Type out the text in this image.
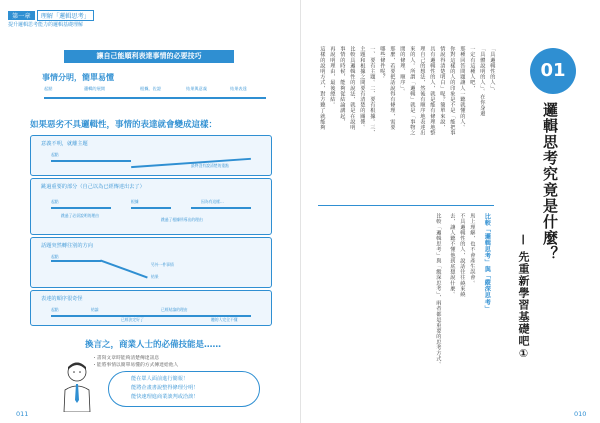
第一章 理解「邏輯思考」
提升邏輯思考能力的邏輯基礎理解
讓自己能順利表達事情的必要技巧
事情分明，簡單易懂
起點	邏輯的展開	根據，佐證	結果與意義	結果表達
如果惡劣不具邏輯性，事情的表達就會變成這樣：
意義不明，就離主題
起點
最終沒有說清楚的重點
跳過重要的部分（自己以為已經傳達出去了）
起點	根據	因為有這樣…
跳過了必須說明的理由
跳過了根據所導出的理由
話題突然轉往別的方向
起點
另外一件事情
結果
表達的順序很奇怪
起點	結論
已經決定好了
已經結論的理由
聽的人完全不懂
換言之，商業人士的必備技能是……
・書寫文章時能夠清楚傳達訊息
・能將事情以簡單易懂的方式傳達給他人
能在眾人面前進行簡報！
能將企畫書說整得條理分明！
能快速理進商業談判或洽談！
011
01
邏輯思考究竟是什麼？
— 先重新學習基礎吧①
「具邏輯性的人」、
「具體說明的人」。在你身邊
一定有這種人吧，
那種回答問題讓人一聽就懂的人。
你對這樣的人的印象是不是「能把事
情說得清楚明白」呢？簡單來說，
具有邏輯性的人，就是能有條理地整
理自己的想法，然後有順序地表達出
來的人。所謂「邏輯」就是「事物之
間的條理、順序」。
那麼，若要把話說得有條理，需要
哪些條件呢？
一、要有主題。二、要有根據。三、
主題和根據之間要有清楚的關係。
比較具邏輯性的說法，就是在說明
事情的時候，能夠從結論講起，
再說明理由，最後總結。
這樣的說明方式，對方聽了就能夠
比較「邏輯思考」與「縱深思考」
馬上理解，也不會產生誤會。
不具邏輯性的人，說話往往繞來繞
去，讓人聽不懂他到底想說什麼。
比較「邏輯思考」與「縱深思考」，兩者都是重要的思考方式。
010
